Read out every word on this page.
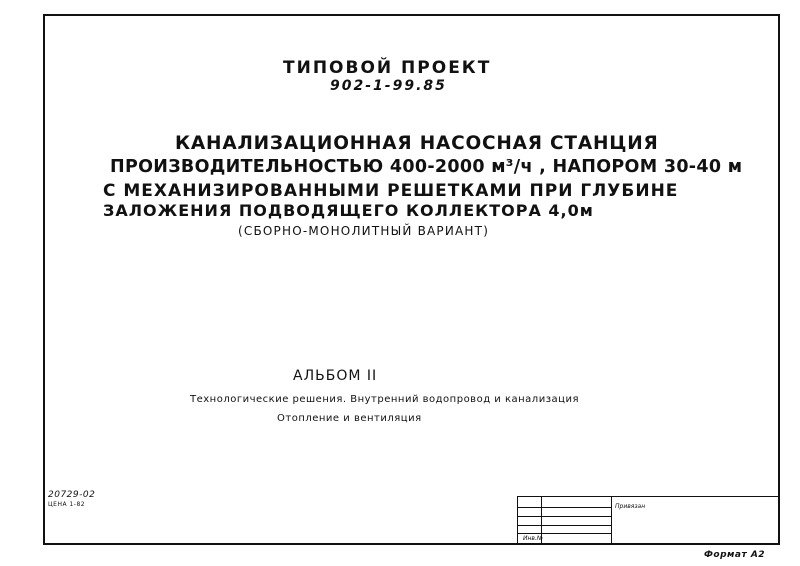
ТИПОВОЙ ПРОЕКТ
902-1-99.85
КАНАЛИЗАЦИОННАЯ НАСОСНАЯ СТАНЦИЯ
ПРОИЗВОДИТЕЛЬНОСТЬЮ 400-2000 м³/ч , НАПОРОМ 30-40 м
С МЕХАНИЗИРОВАННЫМИ РЕШЕТКАМИ ПРИ ГЛУБИНЕ
ЗАЛОЖЕНИЯ ПОДВОДЯЩЕГО КОЛЛЕКТОРА 4,0м
(СБОРНО-МОНОЛИТНЫЙ ВАРИАНТ)
АЛЬБОМ II
Технологические решения. Внутренний водопровод и канализация
Отопление и вентиляция
20729-02
ЦЕНА 1-82	Привязан
Инв.№
Формат А2
